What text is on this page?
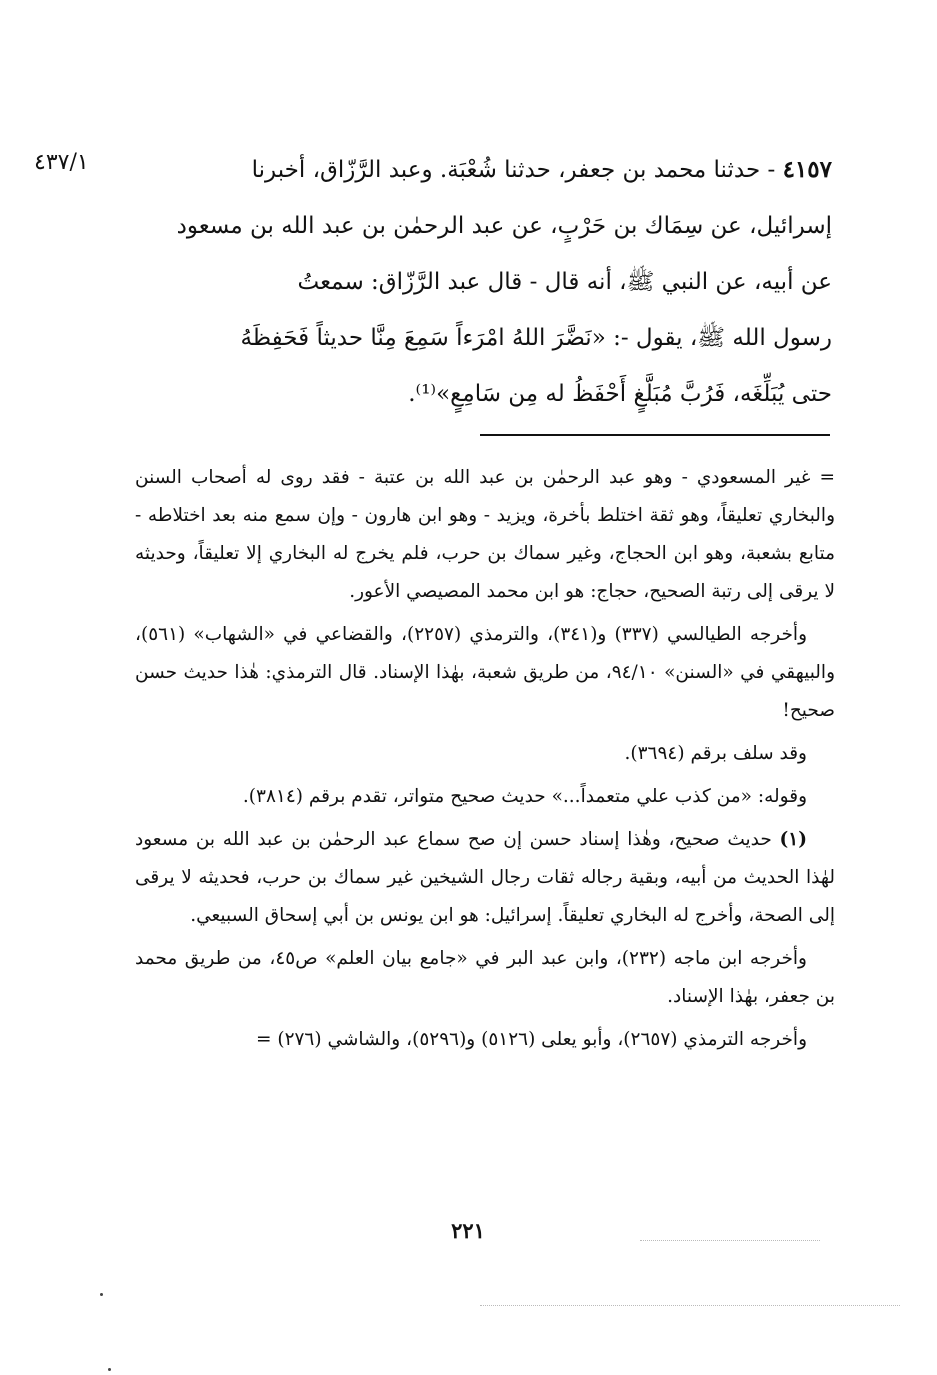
٤٣٧/١	٤١٥٧ - حدثنا محمد بن جعفر، حدثنا شُعْبَة. وعبد الرَّزّاق، أخبرنا

إسرائيل، عن سِمَاك بن حَرْبٍ، عن عبد الرحمٰن بن عبد الله بن مسعود

عن أبيه، عن النبي ﷺ، أنه قال - قال عبد الرَّزّاق: سمعتُ

رسول الله ﷺ، يقول -: «نَضَّرَ اللهُ امْرَءاً سَمِعَ مِنَّا حديثاً فَحَفِظَهُ

حتى يُبَلِّغَه، فَرُبَّ مُبَلَّغٍ أَحْفَظُ له مِن سَامِعٍ»⁽¹⁾.

= غير المسعودي - وهو عبد الرحمٰن بن عبد الله بن عتبة - فقد روى له أصحاب السنن والبخاري تعليقاً، وهو ثقة اختلط بأخرة، ويزيد - وهو ابن هارون - وإن سمع منه بعد اختلاطه - متابع بشعبة، وهو ابن الحجاج، وغير سماك بن حرب، فلم يخرج له البخاري إلا تعليقاً، وحديثه لا يرقى إلى رتبة الصحيح، حجاج: هو ابن محمد المصيصي الأعور.

وأخرجه الطيالسي (٣٣٧) و(٣٤١)، والترمذي (٢٢٥٧)، والقضاعي في «الشهاب» (٥٦١)، والبيهقي في «السنن» ٩٤/١٠، من طريق شعبة، بهٰذا الإسناد. قال الترمذي: هٰذا حديث حسن صحيح!

وقد سلف برقم (٣٦٩٤).

وقوله: «من كذب علي متعمداً...» حديث صحيح متواتر، تقدم برقم (٣٨١٤).

(١) حديث صحيح، وهٰذا إسناد حسن إن صح سماع عبد الرحمٰن بن عبد الله بن مسعود لهٰذا الحديث من أبيه، وبقية رجاله ثقات رجال الشيخين غير سماك بن حرب، فحديثه لا يرقى إلى الصحة، وأخرج له البخاري تعليقاً. إسرائيل: هو ابن يونس بن أبي إسحاق السبيعي.

وأخرجه ابن ماجه (٢٣٢)، وابن عبد البر في «جامع بيان العلم» ص٤٥، من طريق محمد بن جعفر، بهٰذا الإسناد.

وأخرجه الترمذي (٢٦٥٧)، وأبو يعلى (٥١٢٦) و(٥٢٩٦)، والشاشي (٢٧٦) =

٢٢١
